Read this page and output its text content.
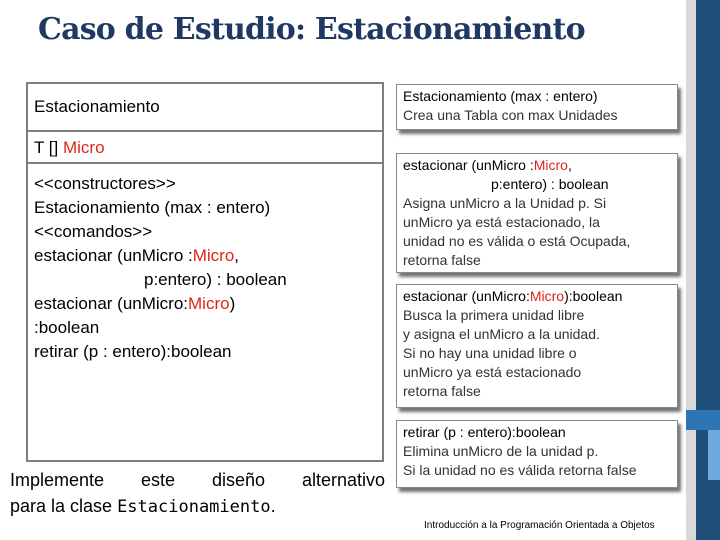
Caso de Estudio: Estacionamiento
Estacionamiento
T [] Micro
<<constructores>>
Estacionamiento (max : entero)
<<comandos>>
estacionar (unMicro :Micro,
p:entero) : boolean
estacionar (unMicro:Micro)
:boolean
retirar (p : entero):boolean
Implemente este diseño alternativo
para la clase Estacionamiento.
Estacionamiento (max : entero)
Crea una Tabla con max Unidades
estacionar (unMicro :Micro,
p:entero) : boolean
Asigna unMicro a la Unidad p. Si
unMicro ya está estacionado, la
unidad no es válida o está Ocupada,
retorna false
estacionar (unMicro:Micro):boolean
Busca la primera unidad libre
y asigna el unMicro a la unidad.
Si no hay una unidad libre o
unMicro ya está estacionado
retorna false
retirar (p : entero):boolean
Elimina unMicro de la unidad p.
Si la unidad no es válida retorna false
Introducción a la Programación Orientada a Objetos
